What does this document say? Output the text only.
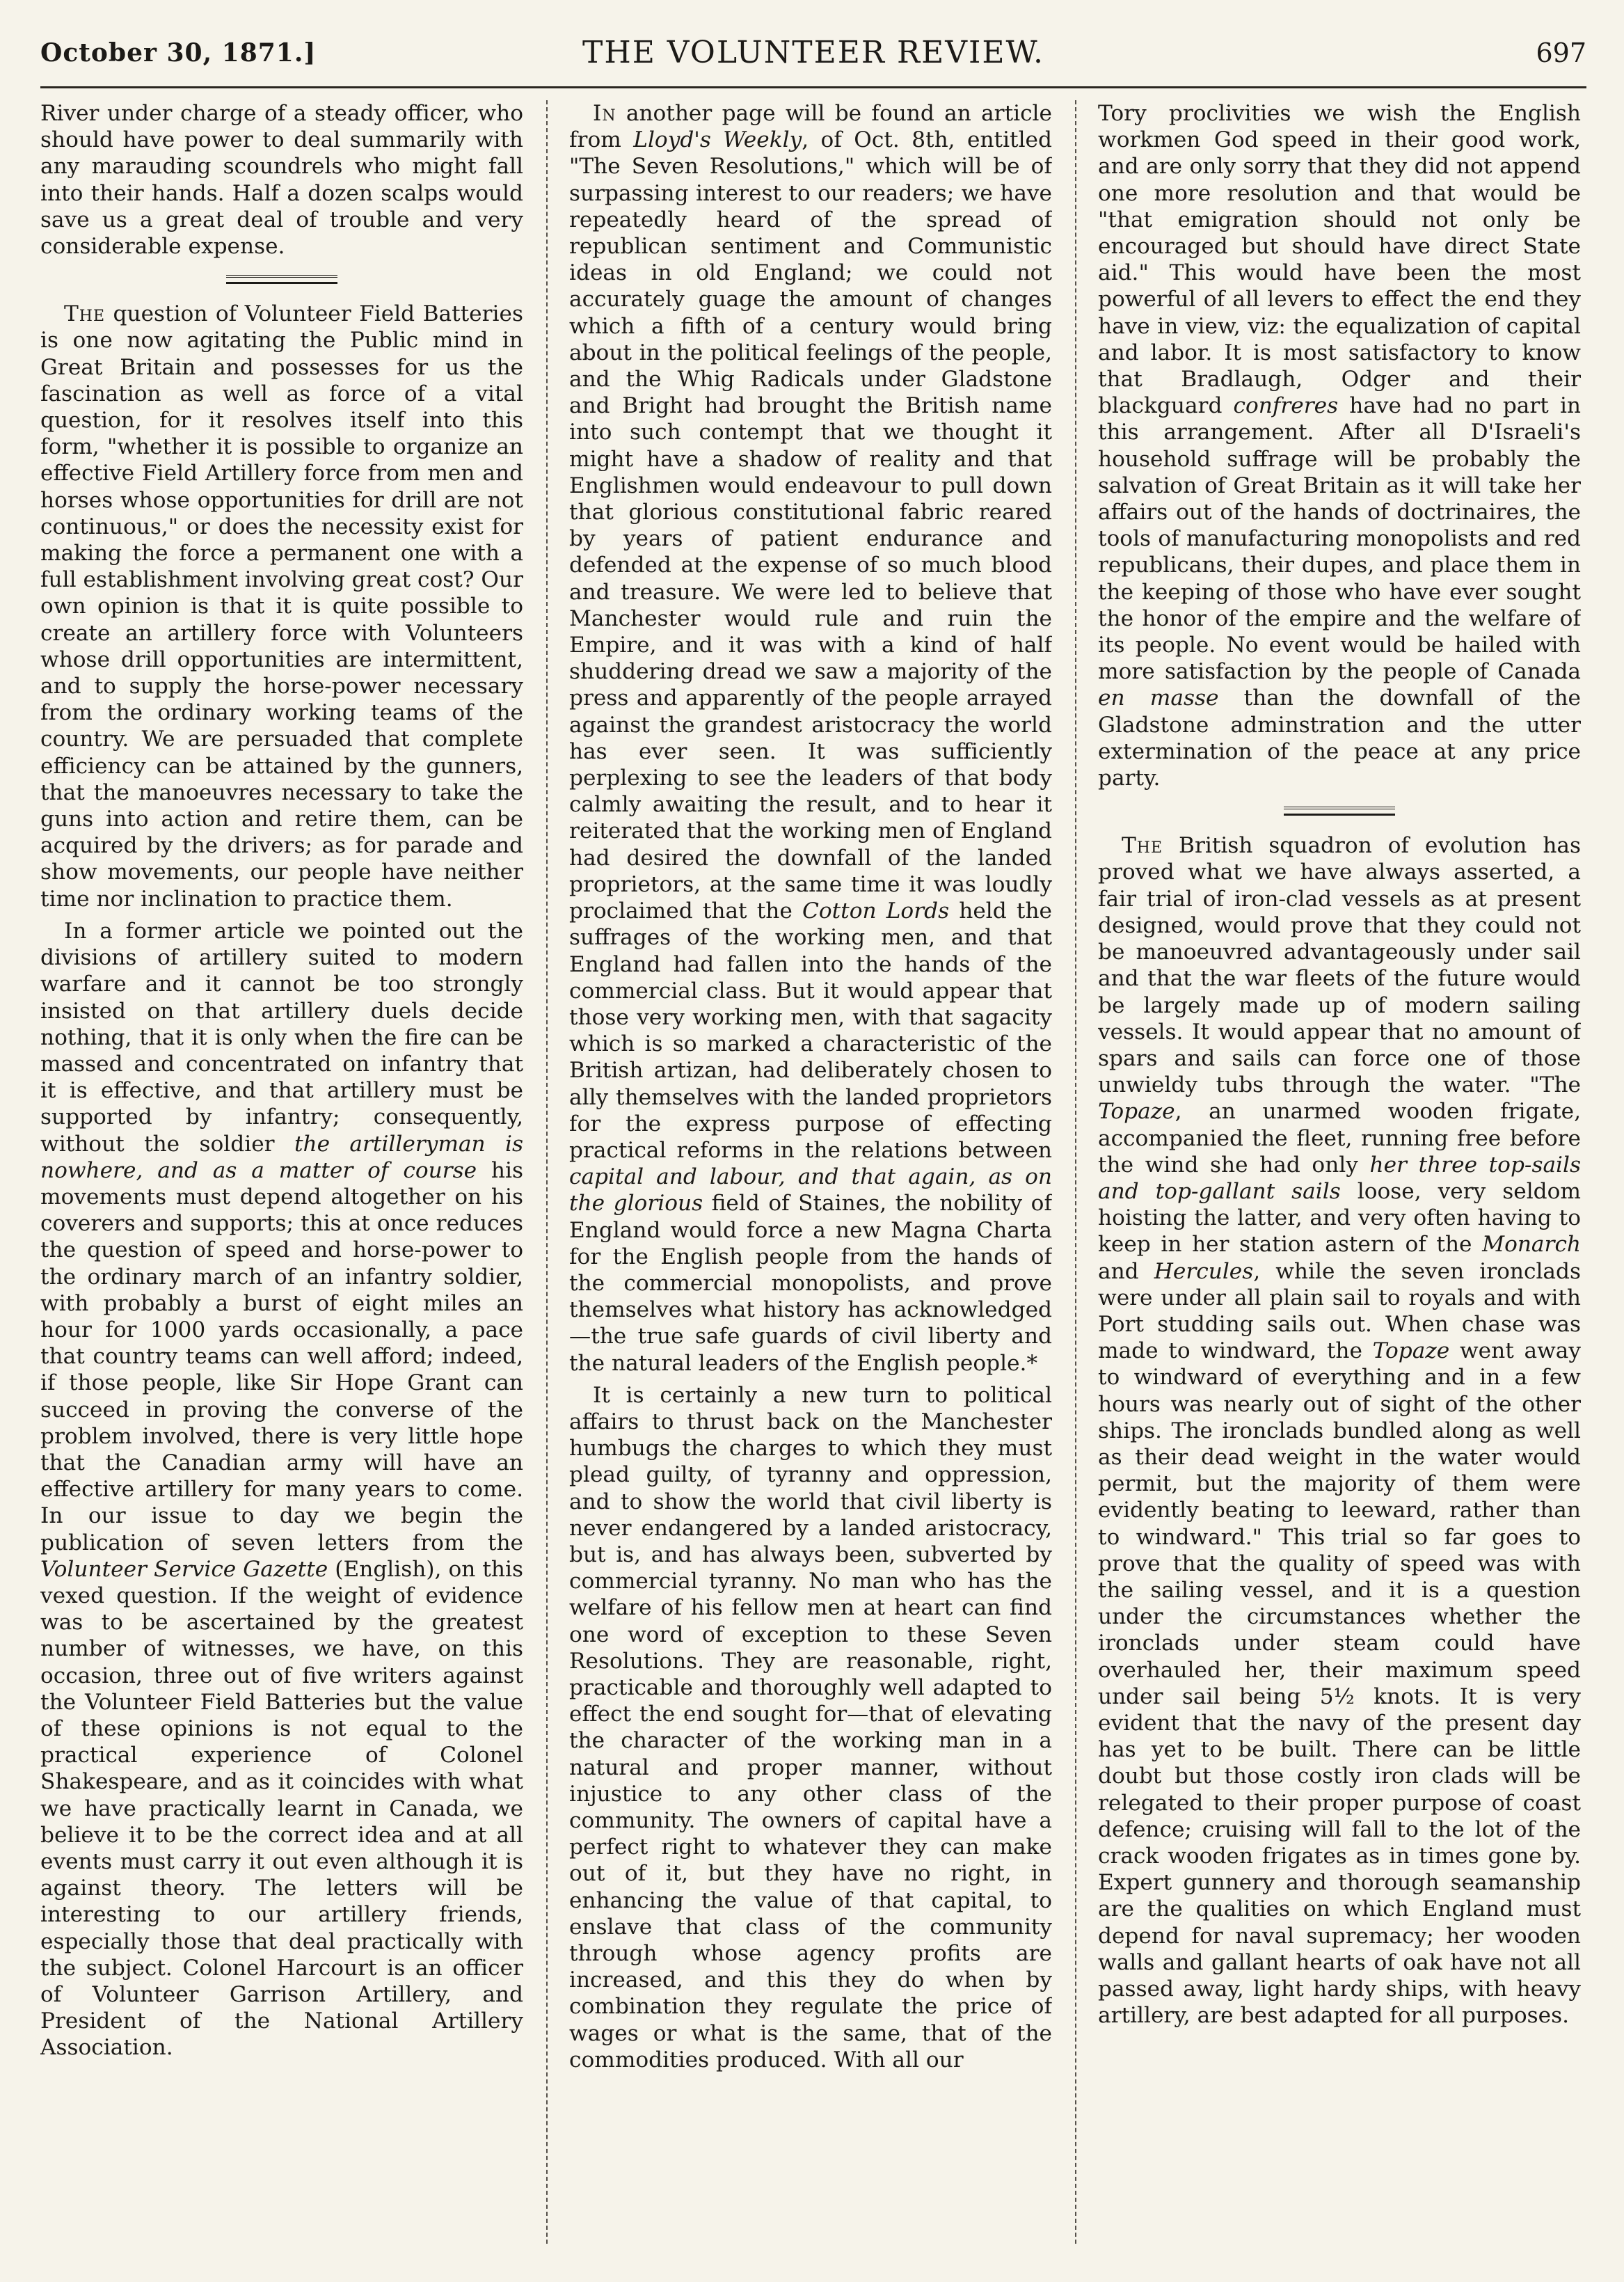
October 30, 1871.]	THE VOLUNTEER REVIEW.	697

River under charge of a steady officer, who should have power to deal summarily with any marauding scoundrels who might fall into their hands. Half a dozen scalps would save us a great deal of trouble and very considerable expense.

The question of Volunteer Field Batteries is one now agitating the Public mind in Great Britain and possesses for us the fascination as well as force of a vital question, for it resolves itself into this form, "whether it is possible to organize an effective Field Artillery force from men and horses whose opportunities for drill are not continuous," or does the necessity exist for making the force a permanent one with a full establishment involving great cost? Our own opinion is that it is quite possible to create an artillery force with Volunteers whose drill opportunities are intermittent, and to supply the horse-power necessary from the ordinary working teams of the country. We are persuaded that complete efficiency can be attained by the gunners, that the manoeuvres necessary to take the guns into action and retire them, can be acquired by the drivers; as for parade and show movements, our people have neither time nor inclination to practice them.

In a former article we pointed out the divisions of artillery suited to modern warfare and it cannot be too strongly insisted on that artillery duels decide nothing, that it is only when the fire can be massed and concentrated on infantry that it is effective, and that artillery must be supported by infantry; consequently, without the soldier the artilleryman is nowhere, and as a matter of course his movements must depend altogether on his coverers and supports; this at once reduces the question of speed and horse-power to the ordinary march of an infantry soldier, with probably a burst of eight miles an hour for 1000 yards occasionally, a pace that country teams can well afford; indeed, if those people, like Sir Hope Grant can succeed in proving the converse of the problem involved, there is very little hope that the Canadian army will have an effective artillery for many years to come. In our issue to day we begin the publication of seven letters from the Volunteer Service Gazette (English), on this vexed question. If the weight of evidence was to be ascertained by the greatest number of witnesses, we have, on this occasion, three out of five writers against the Volunteer Field Batteries but the value of these opinions is not equal to the practical experience of Colonel Shakespeare, and as it coincides with what we have practically learnt in Canada, we believe it to be the correct idea and at all events must carry it out even although it is against theory. The letters will be interesting to our artillery friends, especially those that deal practically with the subject. Colonel Harcourt is an officer of Volunteer Garrison Artillery, and President of the National Artillery Association.

In another page will be found an article from Lloyd's Weekly, of Oct. 8th, entitled "The Seven Resolutions," which will be of surpassing interest to our readers; we have repeatedly heard of the spread of republican sentiment and Communistic ideas in old England; we could not accurately guage the amount of changes which a fifth of a century would bring about in the political feelings of the people, and the Whig Radicals under Gladstone and Bright had brought the British name into such contempt that we thought it might have a shadow of reality and that Englishmen would endeavour to pull down that glorious constitutional fabric reared by years of patient endurance and defended at the expense of so much blood and treasure. We were led to believe that Manchester would rule and ruin the Empire, and it was with a kind of half shuddering dread we saw a majority of the press and apparently of the people arrayed against the grandest aristocracy the world has ever seen. It was sufficiently perplexing to see the leaders of that body calmly awaiting the result, and to hear it reiterated that the working men of England had desired the downfall of the landed proprietors, at the same time it was loudly proclaimed that the Cotton Lords held the suffrages of the working men, and that England had fallen into the hands of the commercial class. But it would appear that those very working men, with that sagacity which is so marked a characteristic of the British artizan, had deliberately chosen to ally themselves with the landed proprietors for the express purpose of effecting practical reforms in the relations between capital and labour, and that again, as on the glorious field of Staines, the nobility of England would force a new Magna Charta for the English people from the hands of the commercial monopolists, and prove themselves what history has acknowledged—the true safe guards of civil liberty and the natural leaders of the English people.*

It is certainly a new turn to political affairs to thrust back on the Manchester humbugs the charges to which they must plead guilty, of tyranny and oppression, and to show the world that civil liberty is never endangered by a landed aristocracy, but is, and has always been, subverted by commercial tyranny. No man who has the welfare of his fellow men at heart can find one word of exception to these Seven Resolutions. They are reasonable, right, practicable and thoroughly well adapted to effect the end sought for—that of elevating the character of the working man in a natural and proper manner, without injustice to any other class of the community. The owners of capital have a perfect right to whatever they can make out of it, but they have no right, in enhancing the value of that capital, to enslave that class of the community through whose agency profits are increased, and this they do when by combination they regulate the price of wages or what is the same, that of the commodities produced. With all our

Tory proclivities we wish the English workmen God speed in their good work, and are only sorry that they did not append one more resolution and that would be "that emigration should not only be encouraged but should have direct State aid." This would have been the most powerful of all levers to effect the end they have in view, viz: the equalization of capital and labor. It is most satisfactory to know that Bradlaugh, Odger and their blackguard confreres have had no part in this arrangement. After all D'Israeli's household suffrage will be probably the salvation of Great Britain as it will take her affairs out of the hands of doctrinaires, the tools of manufacturing monopolists and red republicans, their dupes, and place them in the keeping of those who have ever sought the honor of the empire and the welfare of its people. No event would be hailed with more satisfaction by the people of Canada en masse than the downfall of the Gladstone adminstration and the utter extermination of the peace at any price party.

The British squadron of evolution has proved what we have always asserted, a fair trial of iron-clad vessels as at present designed, would prove that they could not be manoeuvred advantageously under sail and that the war fleets of the future would be largely made up of modern sailing vessels. It would appear that no amount of spars and sails can force one of those unwieldy tubs through the water. "The Topaze, an unarmed wooden frigate, accompanied the fleet, running free before the wind she had only her three top-sails and top-gallant sails loose, very seldom hoisting the latter, and very often having to keep in her station astern of the Monarch and Hercules, while the seven ironclads were under all plain sail to royals and with Port studding sails out. When chase was made to windward, the Topaze went away to windward of everything and in a few hours was nearly out of sight of the other ships. The ironclads bundled along as well as their dead weight in the water would permit, but the majority of them were evidently beating to leeward, rather than to windward." This trial so far goes to prove that the quality of speed was with the sailing vessel, and it is a question under the circumstances whether the ironclads under steam could have overhauled her, their maximum speed under sail being 5½ knots. It is very evident that the navy of the present day has yet to be built. There can be little doubt but those costly iron clads will be relegated to their proper purpose of coast defence; cruising will fall to the lot of the crack wooden frigates as in times gone by. Expert gunnery and thorough seamanship are the qualities on which England must depend for naval supremacy; her wooden walls and gallant hearts of oak have not all passed away, light hardy ships, with heavy artillery, are best adapted for all purposes.
